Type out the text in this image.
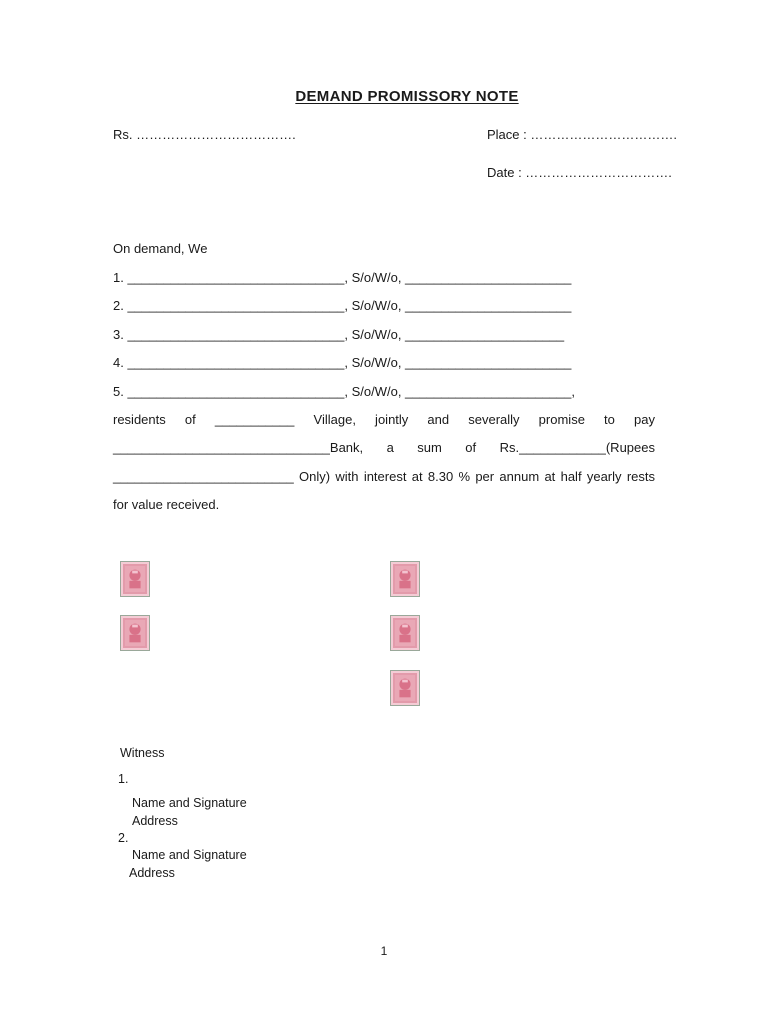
DEMAND PROMISSORY NOTE
Rs. ……………………………….	Place : …………………………….
Date : …………………………….
On demand, We
1. ______________________________, S/o/W/o, _______________________
2. ______________________________, S/o/W/o, _______________________
3. ______________________________, S/o/W/o, ______________________
4. ______________________________, S/o/W/o, _______________________
5. ______________________________, S/o/W/o, _______________________,
residents of ___________ Village, jointly and severally promise to pay
______________________________Bank, a sum of Rs.____________(Rupees
_________________________ Only) with interest at 8.30 % per annum at half yearly rests
for value received.
Witness
1.
Name and Signature
Address
2.
Name and Signature
Address
1
